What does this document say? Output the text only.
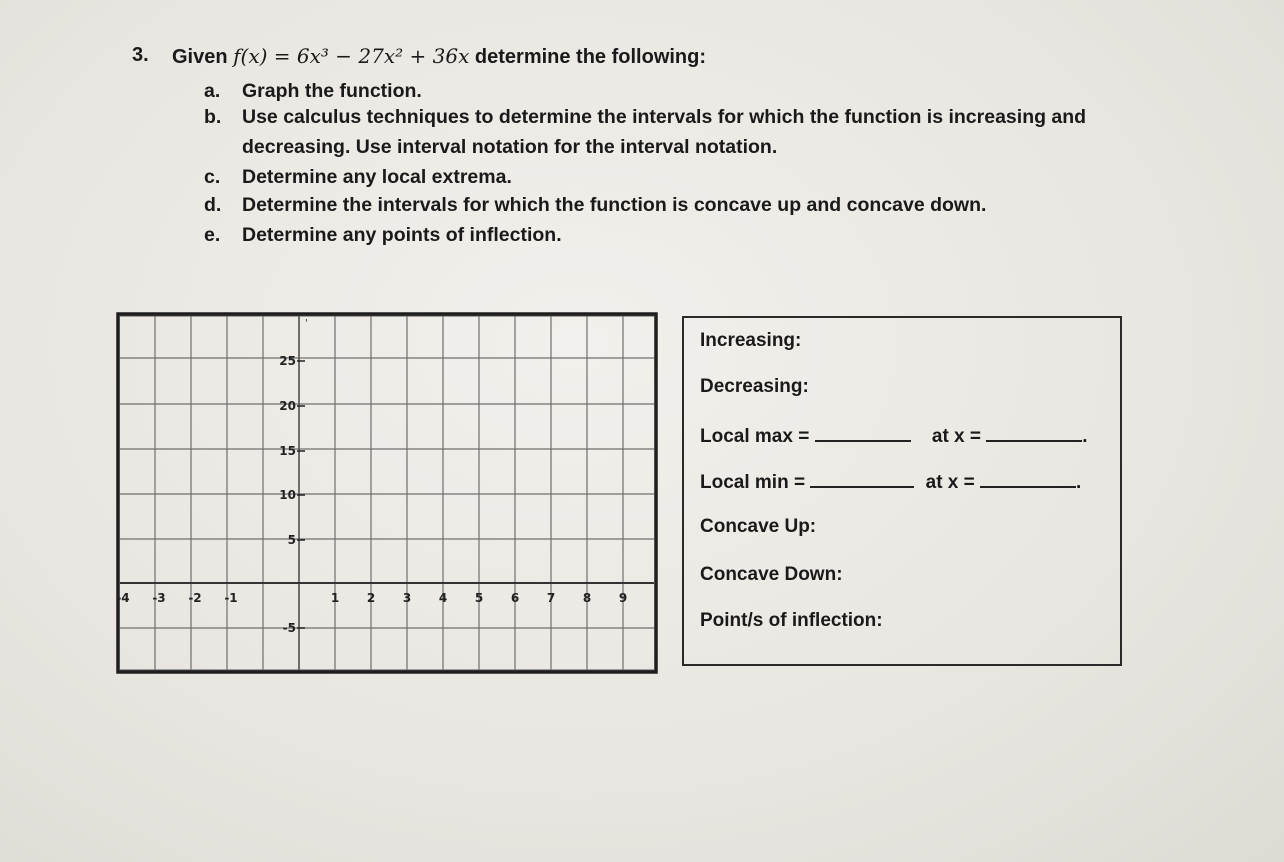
3. Given f(x) = 6x³ − 27x² + 36x determine the following:
a.	Graph the function.
b.	Use calculus techniques to determine the intervals for which the function is increasing and
decreasing. Use interval notation for the interval notation.
c.	Determine any local extrema.
d.	Determine the intervals for which the function is concave up and concave down.
e.	Determine any points of inflection.
'
-4 -3 -2 -1	1 2 3 4 5 6 7 8 9
25
20
15
10
5
-5
Increasing:
Decreasing:
Local max =	at x =	.
Local min =	at x =	.
Concave Up:
Concave Down:
Point/s of inflection:
